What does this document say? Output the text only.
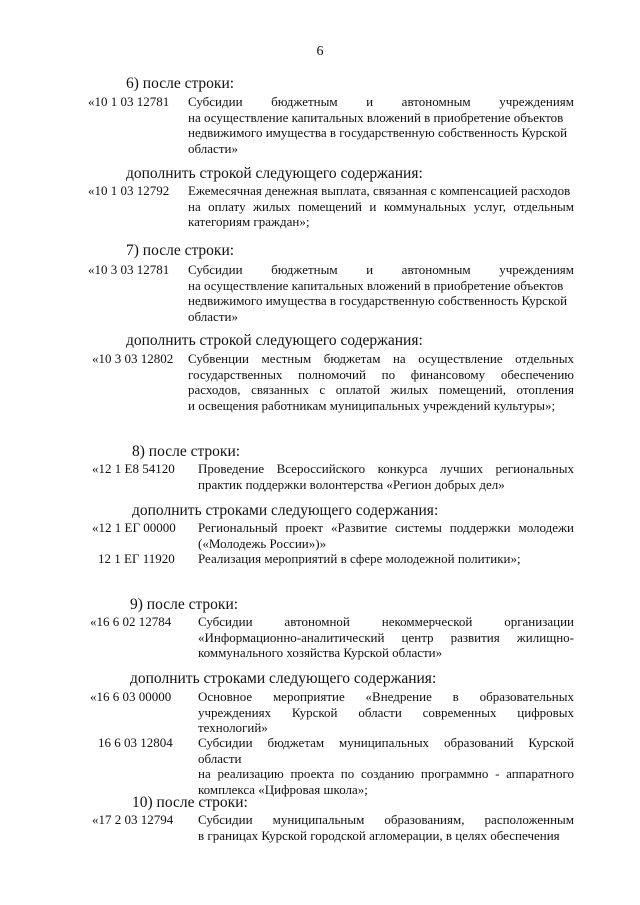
6
6) после строки:
«10 1 03 12781 Субсидии бюджетным и автономным учреждениям
на осуществление капитальных вложений в приобретение объектов
недвижимого имущества в государственную собственность Курской
области»
дополнить строкой следующего содержания:
«10 1 03 12792 Ежемесячная денежная выплата, связанная с компенсацией расходов
на оплату жилых помещений и коммунальных услуг, отдельным
категориям граждан»;
7) после строки:
«10 3 03 12781 Субсидии бюджетным и автономным учреждениям
на осуществление капитальных вложений в приобретение объектов
недвижимого имущества в государственную собственность Курской
области»
дополнить строкой следующего содержания:
«10 3 03 12802 Субвенции местным бюджетам на осуществление отдельных
государственных полномочий по финансовому обеспечению
расходов, связанных с оплатой жилых помещений, отопления
и освещения работникам муниципальных учреждений культуры»;
8) после строки:
«12 1 E8 54120 Проведение Всероссийского конкурса лучших региональных
практик поддержки волонтерства «Регион добрых дел»
дополнить строками следующего содержания:
«12 1 ЕГ 00000 Региональный проект «Развитие системы поддержки молодежи
(«Молодежь России»)»
12 1 ЕГ 11920 Реализация мероприятий в сфере молодежной политики»;
9) после строки:
«16 6 02 12784 Субсидии автономной некоммерческой организации
«Информационно-аналитический центр развития жилищно-
коммунального хозяйства Курской области»
дополнить строками следующего содержания:
«16 6 03 00000 Основное мероприятие «Внедрение в образовательных
учреждениях Курской области современных цифровых
технологий»
16 6 03 12804 Субсидии бюджетам муниципальных образований Курской области
на реализацию проекта по созданию программно - аппаратного
комплекса «Цифровая школа»;
10) после строки:
«17 2 03 12794 Субсидии муниципальным образованиям, расположенным
в границах Курской городской агломерации, в целях обеспечения
